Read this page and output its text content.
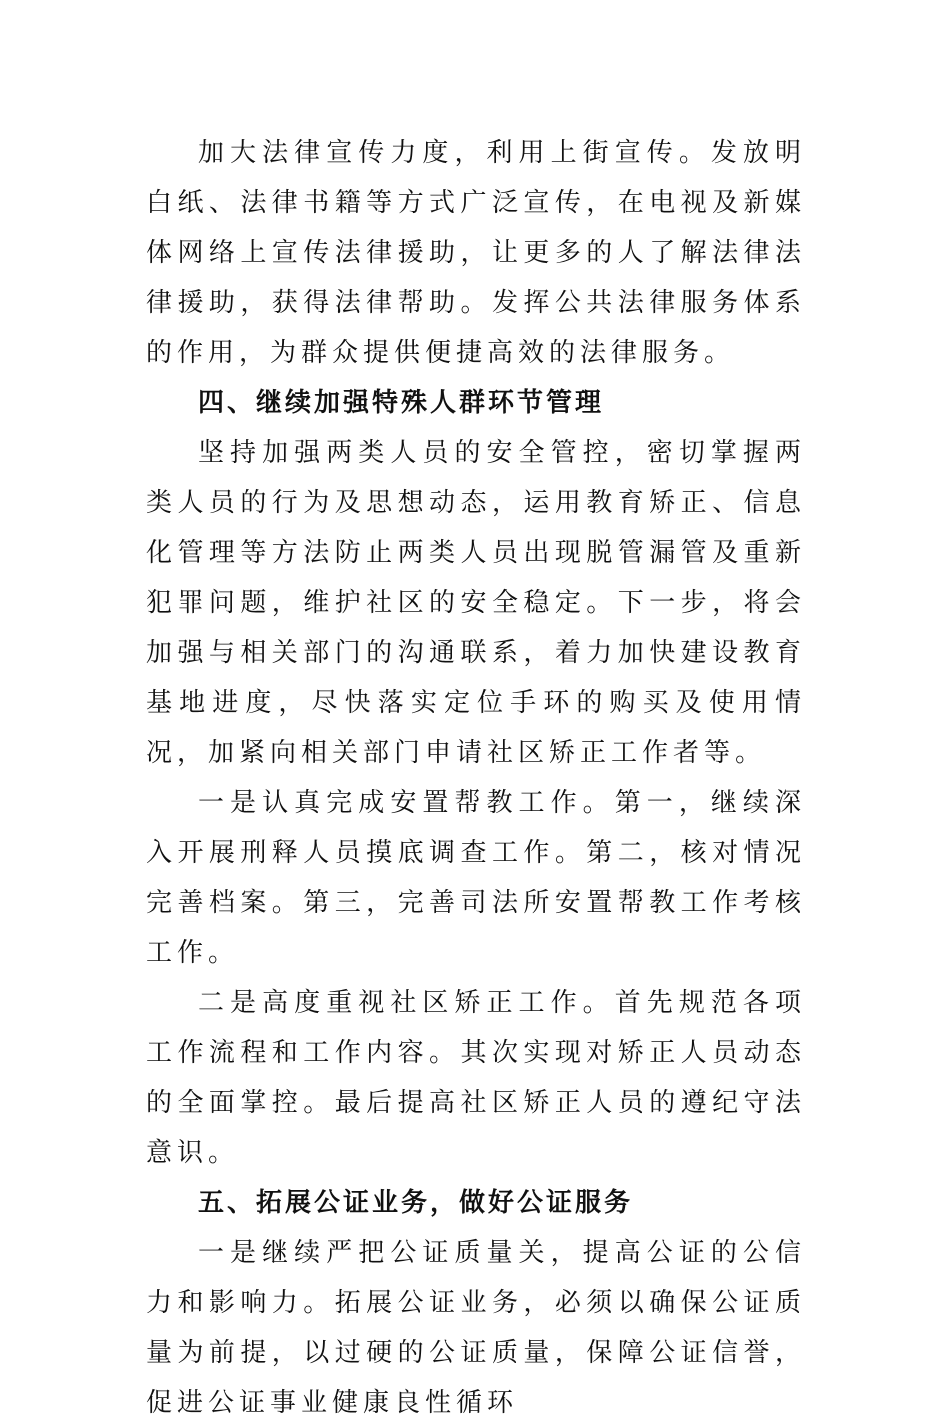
加大法律宣传力度，利用上街宣传。发放明白纸、法律书籍等方式广泛宣传，在电视及新媒体网络上宣传法律援助，让更多的人了解法律法律援助，获得法律帮助。发挥公共法律服务体系的作用，为群众提供便捷高效的法律服务。

四、继续加强特殊人群环节管理

坚持加强两类人员的安全管控，密切掌握两类人员的行为及思想动态，运用教育矫正、信息化管理等方法防止两类人员出现脱管漏管及重新犯罪问题，维护社区的安全稳定。下一步，将会加强与相关部门的沟通联系，着力加快建设教育基地进度，尽快落实定位手环的购买及使用情况，加紧向相关部门申请社区矫正工作者等。

一是认真完成安置帮教工作。第一，继续深入开展刑释人员摸底调查工作。第二，核对情况完善档案。第三，完善司法所安置帮教工作考核工作。

二是高度重视社区矫正工作。首先规范各项工作流程和工作内容。其次实现对矫正人员动态的全面掌控。最后提高社区矫正人员的遵纪守法意识。

五、拓展公证业务，做好公证服务

一是继续严把公证质量关，提高公证的公信力和影响力。拓展公证业务，必须以确保公证质量为前提，以过硬的公证质量，保障公证信誉，促进公证事业健康良性循环
